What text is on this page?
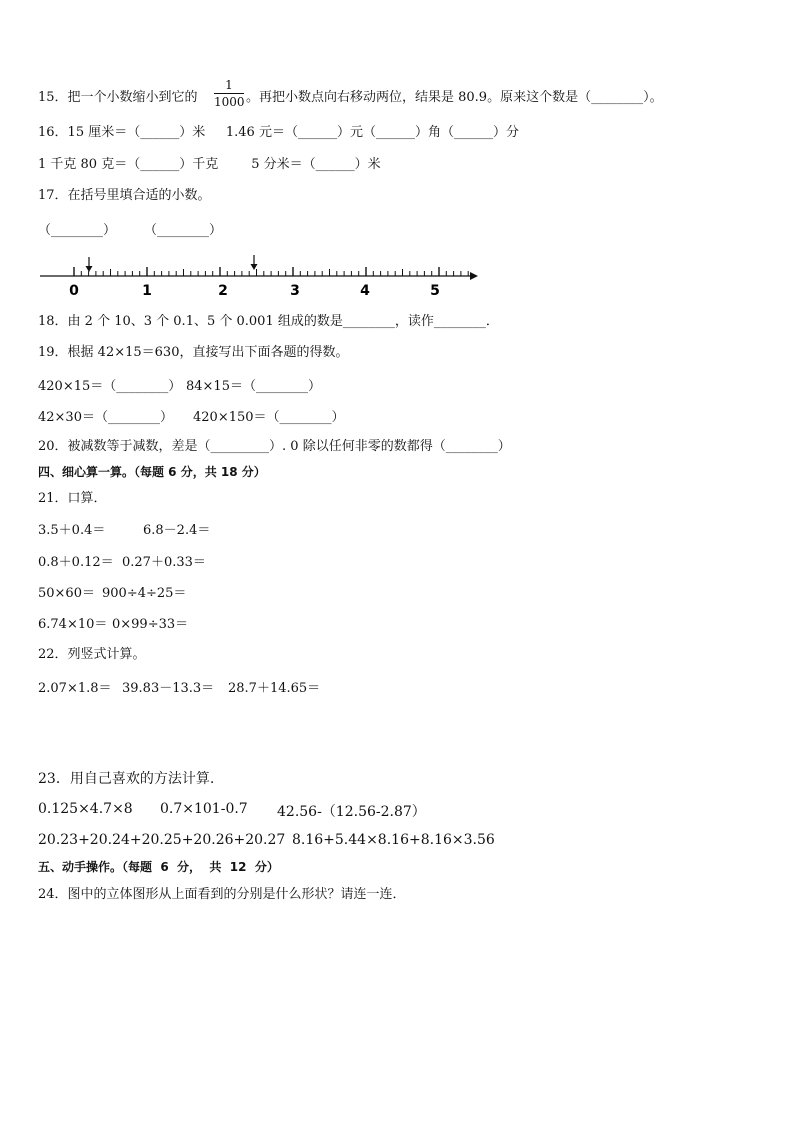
15．把一个小数缩小到它的
1
1000 。再把小数点向右移动两位，结果是 80.9。原来这个数是（________）。
16．15 厘米＝（______）米     1.46 元＝（______）元（______）角（______）分
1 千克 80 克＝（______）千克        5 分米＝（______）米
17．在括号里填合适的小数。
（________） （________）
0	1	2	3	4	5
18．由 2 个 10、3 个 0.1、5 个 0.001 组成的数是________，读作________．
19．根据 42×15＝630，直接写出下面各题的得数。
420×15＝（________） 84×15＝（________）
42×30＝（________） 420×150＝（________）
20．被减数等于减数，差是（_________）. 0 除以任何非零的数都得（________）
四、细心算一算。（每题 6 分，共 18 分）
21．口算．
3.5＋0.4＝	6.8－2.4＝
0.8＋0.12＝ 0.27＋0.33＝
50×60＝ 900÷4÷25＝
6.74×10＝ 0×99÷33＝
22．列竖式计算。
2.07×1.8＝ 39.83－13.3＝ 28.7＋14.65＝
23．用自己喜欢的方法计算.
0.125×4.7×8 0.7×101-0.7 42.56-（12.56-2.87）
20.23+20.24+20.25+20.26+20.27 8.16+5.44×8.16+8.16×3.56
五、动手操作。（每题  6  分，  共  12  分）
24．图中的立体图形从上面看到的分别是什么形状？请连一连．
